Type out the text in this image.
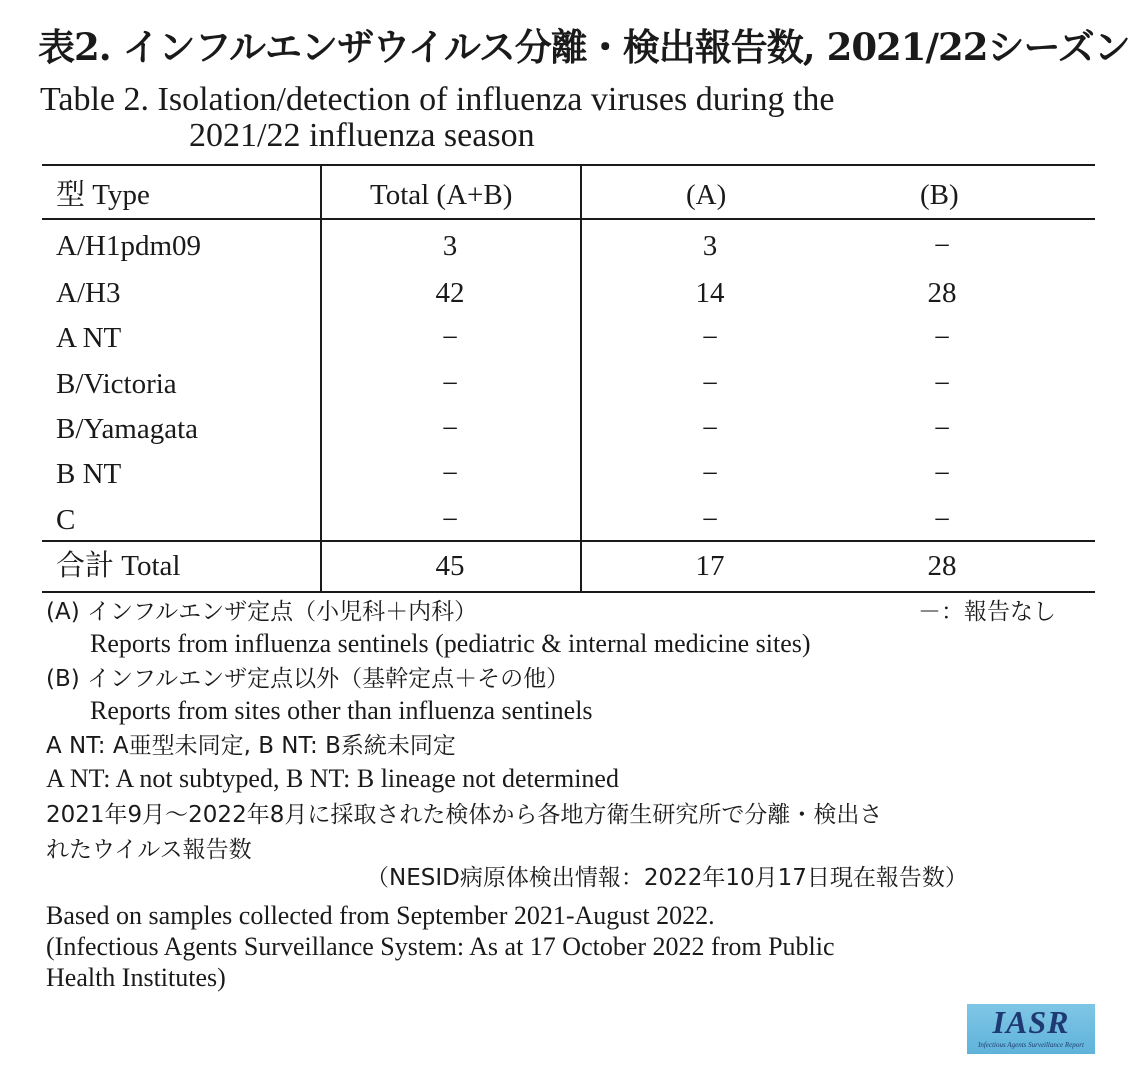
表2. インフルエンザウイルス分離・検出報告数, 2021/22シーズン
Table 2. Isolation/detection of influenza viruses during the
2021/22 influenza season
型 Type	Total (A+B)	(A)	(B)
A/H1pdm09	3	3	−
A/H3	42	14	28
A NT	−	−	−
B/Victoria	−	−	−
B/Yamagata	−	−	−
B NT	−	−	−
C	−	−	−
合計 Total	45	17	28
(A) インフルエンザ定点（小児科＋内科）	－：報告なし
Reports from influenza sentinels (pediatric & internal medicine sites)
(B) インフルエンザ定点以外（基幹定点＋その他）
Reports from sites other than influenza sentinels
A NT: A亜型未同定, B NT: B系統未同定
A NT: A not subtyped, B NT: B lineage not determined
2021年9月～2022年8月に採取された検体から各地方衛生研究所で分離・検出さ
れたウイルス報告数
（NESID病原体検出情報：2022年10月17日現在報告数）
Based on samples collected from September 2021-August 2022.
(Infectious Agents Surveillance System: As at 17 October 2022 from Public
Health Institutes)
IASR
Infectious Agents Surveillance Report
